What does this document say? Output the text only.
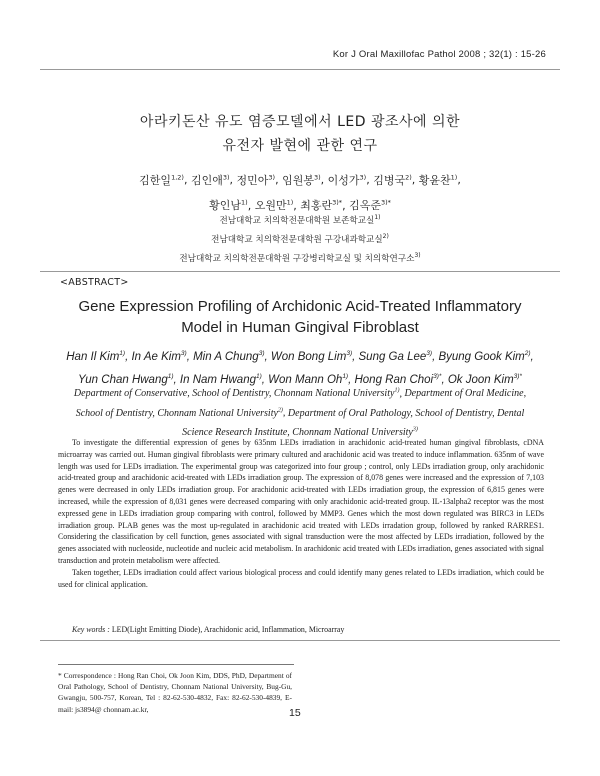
Kor J Oral Maxillofac Pathol 2008 ; 32(1) : 15-26
아라키돈산 유도 염증모델에서 LED 광조사에 의한
유전자 발현에 관한 연구
김한일$^{1,2)}$, 김인애$^{3)}$, 정민아$^{3)}$, 임원봉$^{3)}$, 이성가$^{3)}$, 김병국$^{2)}$, 황윤찬$^{1)}$,
황인남$^{1)}$, 오원만$^{1)}$, 최홍란$^{3)*}$, 김옥준$^{3)*}$
전남대학교 치의학전문대학원 보존학교실$^{1)}$
전남대학교 치의학전문대학원 구강내과학교실$^{2)}$
전남대학교 치의학전문대학원 구강병리학교실 및 치의학연구소$^{3)}$
<ABSTRACT>
Gene Expression Profiling of Archidonic Acid-Treated Inflammatory
Model in Human Gingival Fibroblast
Han Il Kim$^{1)}$, In Ae Kim$^{3)}$, Min A Chung$^{3)}$, Won Bong Lim$^{3)}$, Sung Ga Lee$^{3)}$, Byung Gook Kim$^{2)}$, Yun Chan Hwang$^{1)}$, In Nam Hwang$^{1)}$, Won Mann Oh$^{1)}$, Hong Ran Choi$^{3)*}$, Ok Joon Kim$^{3)*}$
Department of Conservative, School of Dentistry, Chonnam National University$^{1)}$, Department of Oral Medicine, School of Dentistry, Chonnam National University$^{2)}$, Department of Oral Pathology, School of Dentistry, Dental Science Research Institute, Chonnam National University$^{3)}$

To investigate the differential expression of genes by 635nm LEDs irradiation in arachidonic acid-treated human gingival fibroblasts, cDNA microarray was carried out. Human gingival fibroblasts were primary cultured and arachidonic acid was treated to induce inflammation. 635nm of wave length was used for LEDs irradiation. The experimental group was categorized into four group ; control, only LEDs irradiation group, only arachidonic acid-treated group and arachidonic acid-treated with LEDs irradiation group. The expression of 8,078 genes were increased and the expression of 7,103 genes were decreased in only LEDs irradiation group. For arachidonic acid-treated with LEDs irradiation group, the expression of 6,815 genes were increased, while the expression of 8,031 genes were decreased comparing with only arachidonic acid-treated group. IL-13alpha2 receptor was the most expressed gene in LEDs irradiation group comparing with control, followed by MMP3. Genes which the most down regulated was BIRC3 in LEDs irradiation group. PLAB genes was the most up-regulated in arachidonic acid treated with LEDs irradation group, followed by ranked RARRES1. Considering the classification by cell function, genes associated with signal transduction were the most affected by LEDs irradiation, followed by the genes associated with nucleoside, nucleotide and nucleic acid metabolism. In arachidonic acid treated with LEDs irradiation, genes associated with signal transduction and protein metabolism were affected.

Taken together, LEDs irradiation could affect various biological process and could identify many genes related to LEDs irradiation, which could be used for clinical application.

Key words : LED(Light Emitting Diode), Arachidonic acid, Inflammation, Microarray
* Correspondence : Hong Ran Choi, Ok Joon Kim, DDS, PhD, Department of Oral Pathology, School of Dentistry, Chonnam National University, Bug-Gu, Gwangju, 500-757, Korean, Tel : 82-62-530-4832, Fax: 82-62-530-4839, E-mail: js3894@ chonnam.ac.kr,	15
